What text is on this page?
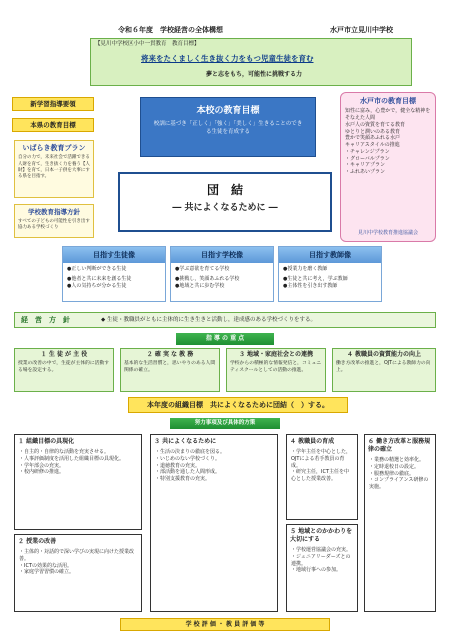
令和６年度　学校経営の全体構想	水戸市立見川中学校
【見川中学校区小中一貫教育　教育目標】
将来をたくましく生き抜く力をもつ児童生徒を育む
夢と志をもち，可能性に挑戦する力
新学習指導要領
本県の教育目標
いばらき教育プラン
自分の力で，未来社会で活躍できる人財を育て，生き抜く力を養う【人財】を育て，日本一子供を大事にする県を目指す。
学校教育指導方針
すべての子どもの可能性を引き出す協力ある学校づくり
本校の教育目標
校訓に基づき「正しく」「強く」「美しく」生きることのできる生徒を育成する
団　結
― 共によくなるために ―
水戸市の教育目標
知性に富み，心豊かで，健全な精神をそなえた人間
水戸人の資質を育てる教育
ゆとりと潤いのある教育
豊かで笑顔あふれる水戸
キャリアスタイルの推進
・チャレンジプラン
・グローバルプラン
・キャリアプラン
・ふれあいプラン
見川中学校教育推進協議会
目指す生徒像
●正しい判断ができる生徒
●他者と共に未来を創る生徒
●人の気持ちが分かる生徒
目指す学校像
●学ぶ意欲を育てる学校
●挑戦し，笑顔あふれる学校
●地域と共に歩む学校
目指す教師像
●授業力を磨く教師
●生徒と共に考え，学ぶ教師
●主体性を引き出す教師
経　営　方　針	◆ 生徒・教職員がともに主体的に生き生きと活動し，達成感のある学校づくりをする。
指 導 の 重 点
１ 生 徒 が 主 役
授業の改善の中で，生徒が主体的に活動する場を設定する。
２ 確 実 な 教 務
基本的な生活習慣と，思いやりのある人間関係の確立。
３ 地域・家庭社会との連携
学校からの積極的な情報発信と，コミュニティスクールとしての活動の推進。
４ 教職員の資質能力の向上
働き方改革の推進と，OJTによる教師力の向上。
本年度の組織目標　共によくなるために団結（　）する。
努力事項及び具体的方策
１ 組織目標の具現化
・自主的・自律的な活動を充実させる。
・人事評価制度を活用した組織目標の具現化。
・学年部会の充実。
・校内研修の推進。
２ 授業の改善
・主体的・対話的で深い学びの実現に向けた授業改善。
・ICTの効果的な活用。
・家庭学習習慣の確立。
３ 共によくなるために
・生活の決まりの徹底を図る。
・いじめのない学校づくり。
・道徳教育の充実。
・部活動を通した人間形成。
・特別支援教育の充実。
４ 教職員の育成
・学年主任を中心とした，OJTによる若手教員の育成。
・研究主任，ICT主任を中心とした授業改善。
５ 地域とのかかわりを大切にする
・学校運営協議会の充実。
・ジュニアリーダーズとの連携。
・地域行事への参加。
６ 働き方改革と服務規律の確立
・業務の精選と効率化。
・定時退校日の設定。
・服務規律の徹底。
・コンプライアンス研修の実施。
学 校 評 価 ・ 教 員 評 価 等
